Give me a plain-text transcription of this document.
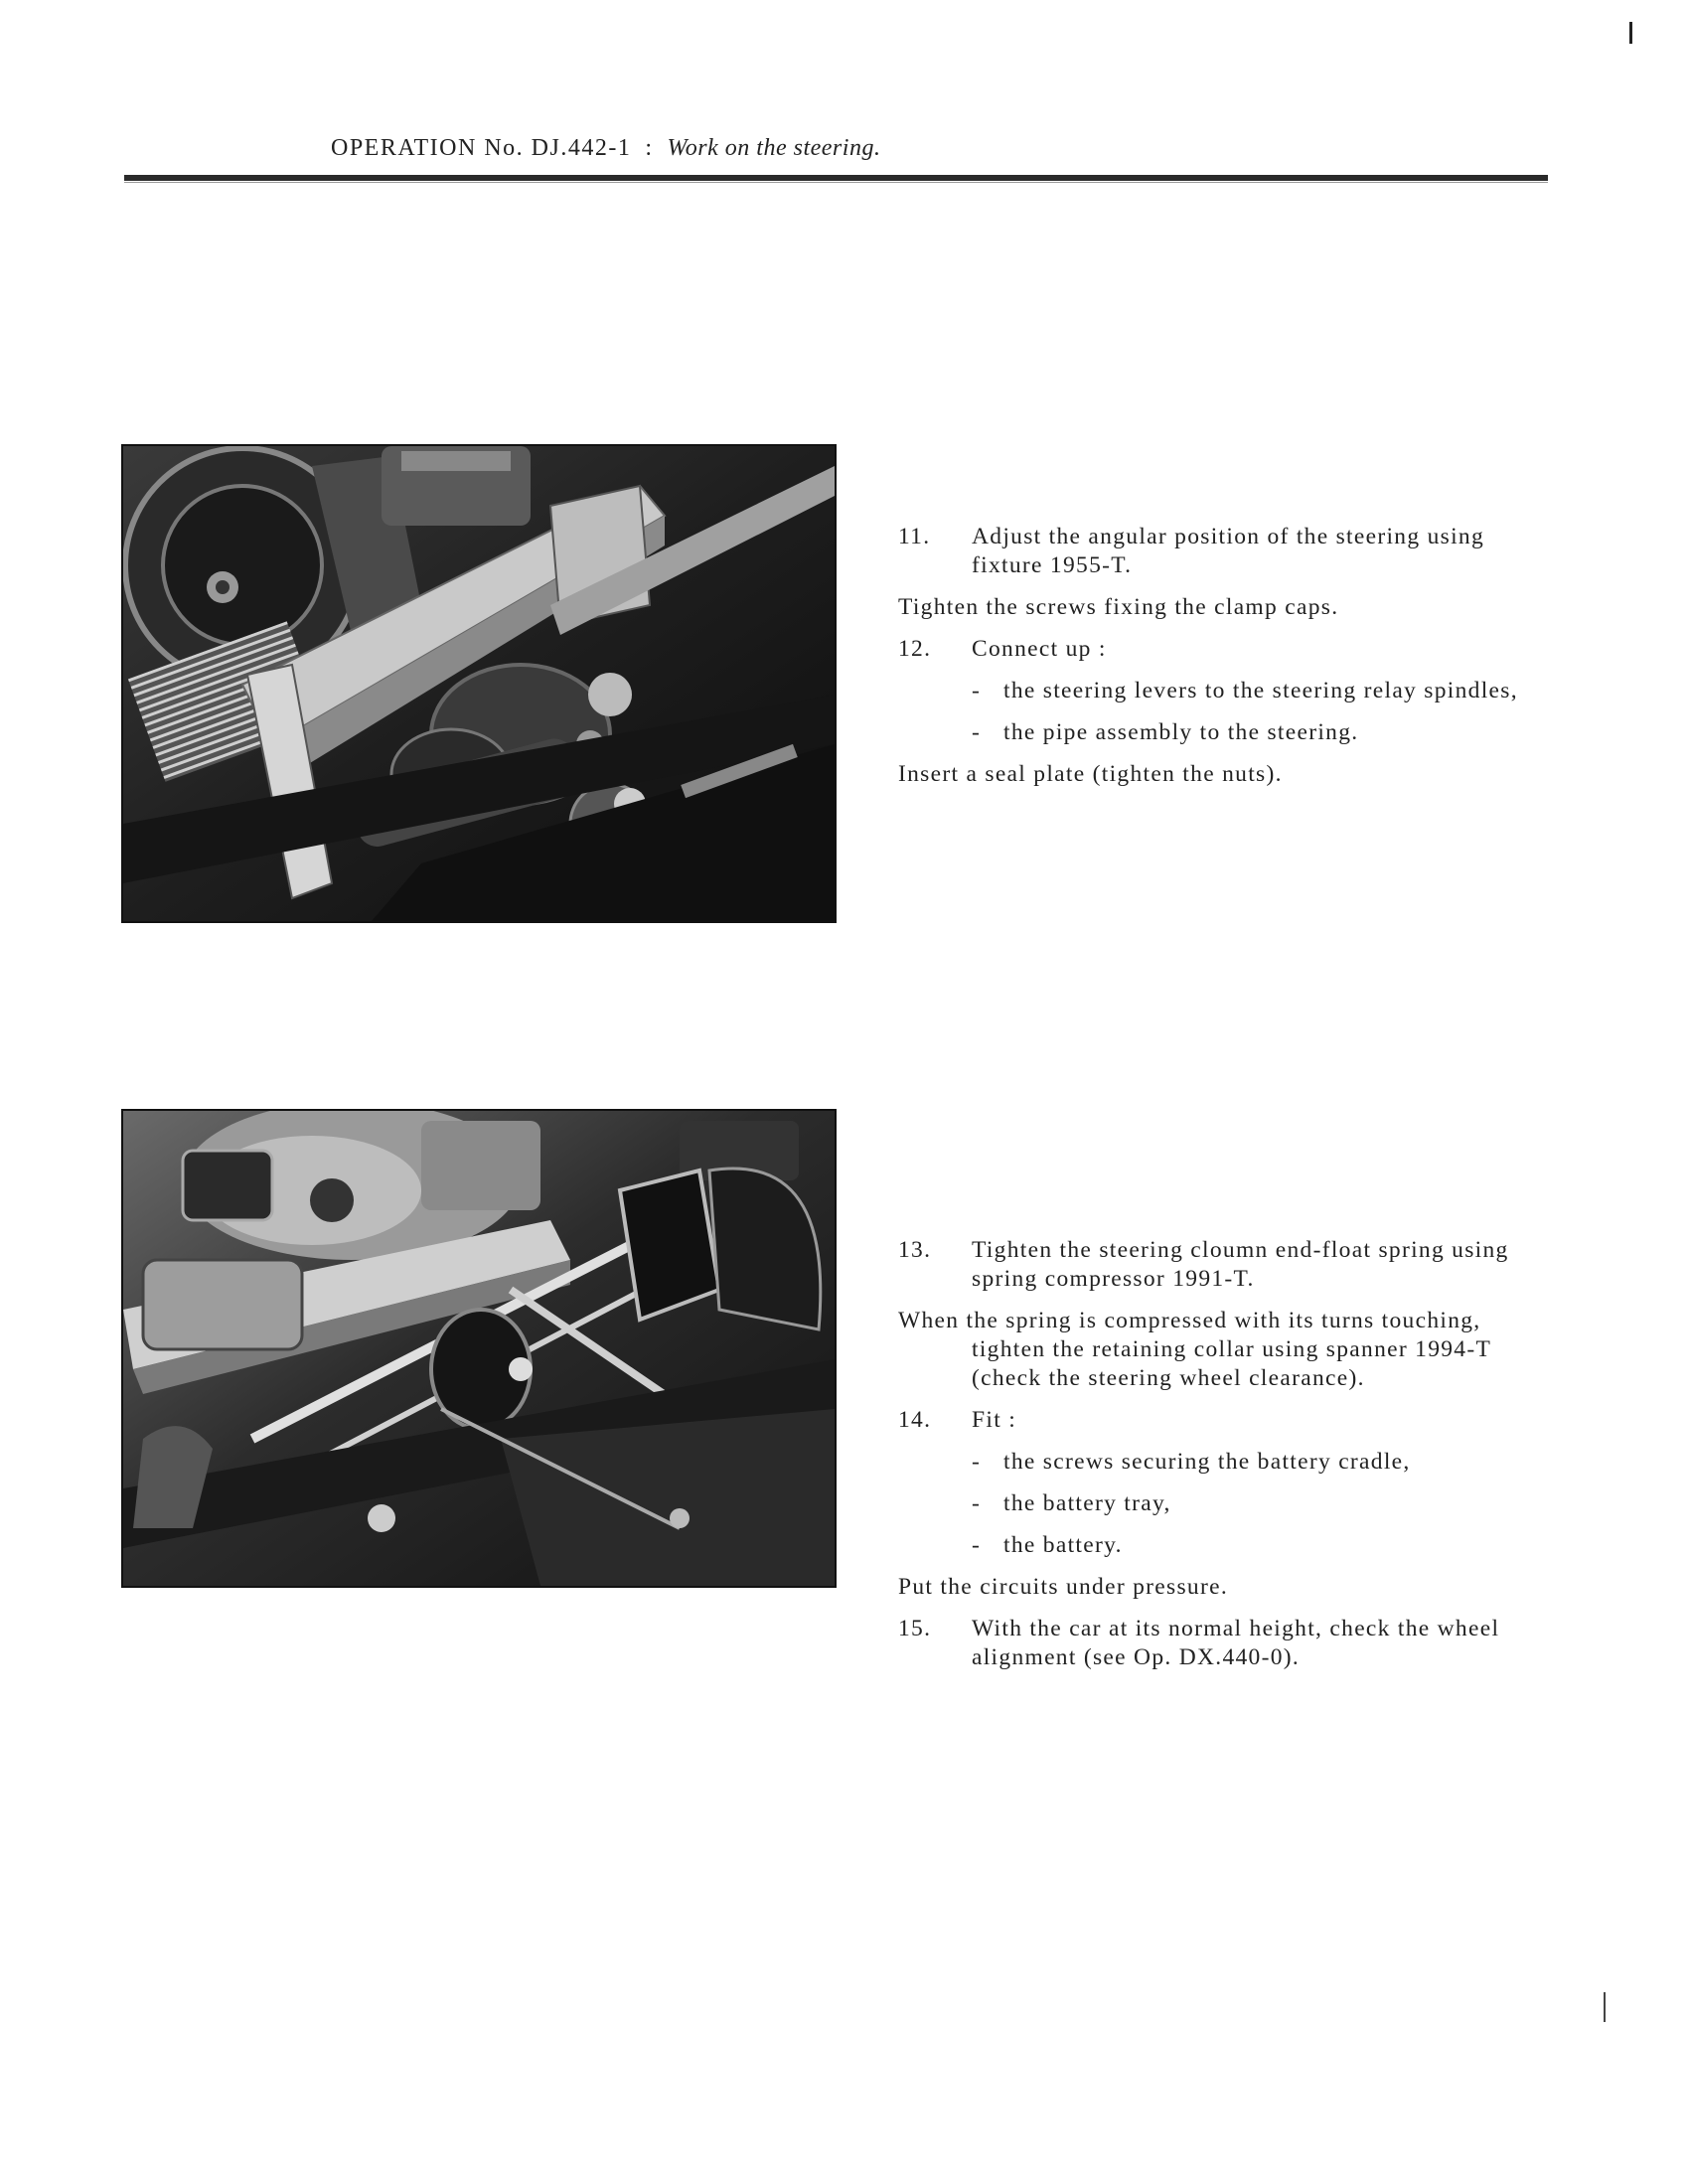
OPERATION No. DJ.442-1 : Work on the steering.
11.	Adjust the angular position of the steering using fixture 1955-T.
Tighten the screws fixing the clamp caps.
12.	Connect up :
- the steering levers to the steering relay spindles,
- the pipe assembly to the steering.
Insert a seal plate (tighten the nuts).
13.	Tighten the steering cloumn end-float spring using spring compressor 1991-T.
When the spring is compressed with its turns touching, tighten the retaining collar using spanner 1994-T (check the steering wheel clearance).
14.	Fit :
- the screws securing the battery cradle,
- the battery tray,
- the battery.
Put the circuits under pressure.
15.	With the car at its normal height, check the wheel alignment (see Op. DX.440-0).
